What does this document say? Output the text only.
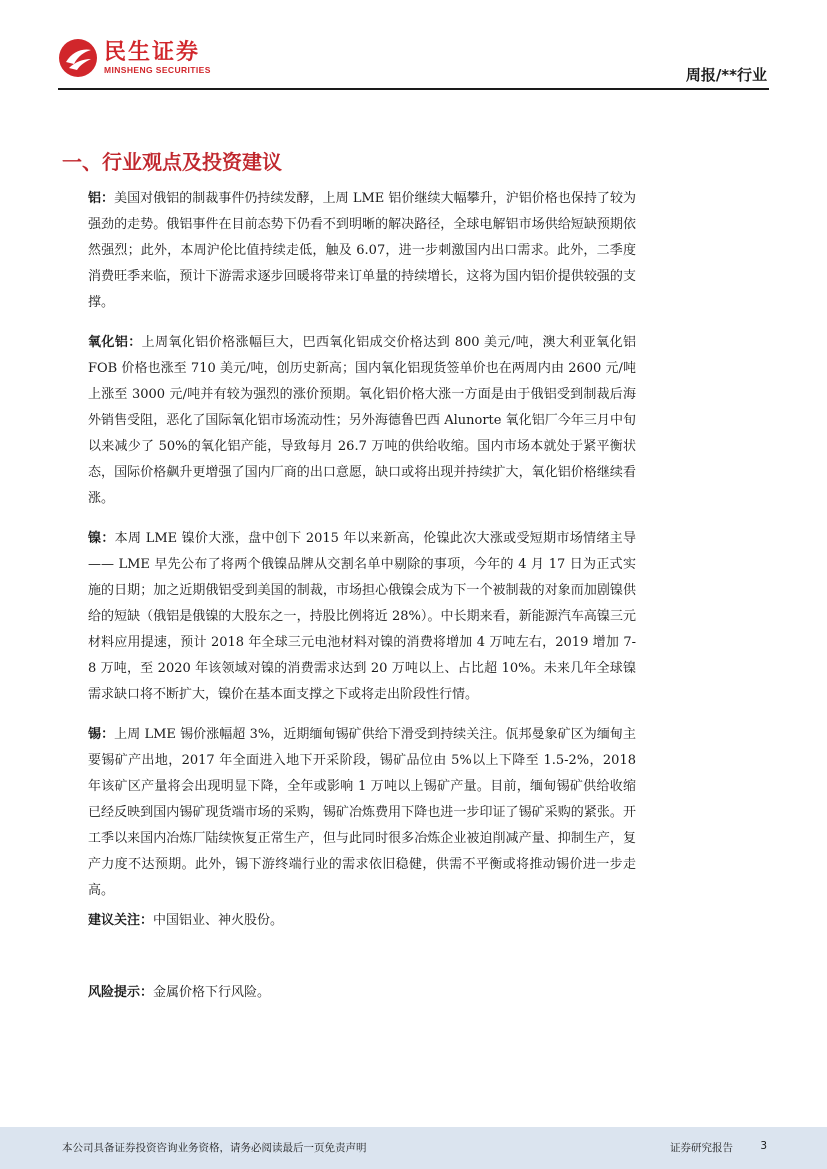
民生证券
MINSHENG SECURITIES	周报/**行业
一、行业观点及投资建议

铝：美国对俄铝的制裁事件仍持续发酵，上周 LME 铝价继续大幅攀升，沪铝价格也保持了较为强劲的走势。俄铝事件在目前态势下仍看不到明晰的解决路径，全球电解铝市场供给短缺预期依然强烈；此外，本周沪伦比值持续走低，触及 6.07，进一步刺激国内出口需求。此外，二季度消费旺季来临，预计下游需求逐步回暖将带来订单量的持续增长，这将为国内铝价提供较强的支撑。

氧化铝：上周氧化铝价格涨幅巨大，巴西氧化铝成交价格达到 800 美元/吨，澳大利亚氧化铝 FOB 价格也涨至 710 美元/吨，创历史新高；国内氧化铝现货签单价也在两周内由 2600 元/吨上涨至 3000 元/吨并有较为强烈的涨价预期。氧化铝价格大涨一方面是由于俄铝受到制裁后海外销售受阻，恶化了国际氧化铝市场流动性；另外海德鲁巴西 Alunorte 氧化铝厂今年三月中旬以来减少了 50%的氧化铝产能，导致每月 26.7 万吨的供给收缩。国内市场本就处于紧平衡状态，国际价格飙升更增强了国内厂商的出口意愿，缺口或将出现并持续扩大，氧化铝价格继续看涨。

镍：本周 LME 镍价大涨，盘中创下 2015 年以来新高，伦镍此次大涨或受短期市场情绪主导—— LME 早先公布了将两个俄镍品牌从交割名单中剔除的事项，今年的 4 月 17 日为正式实施的日期；加之近期俄铝受到美国的制裁，市场担心俄镍会成为下一个被制裁的对象而加剧镍供给的短缺（俄铝是俄镍的大股东之一，持股比例将近 28%）。中长期来看，新能源汽车高镍三元材料应用提速，预计 2018 年全球三元电池材料对镍的消费将增加 4 万吨左右，2019 增加 7-8 万吨，至 2020 年该领域对镍的消费需求达到 20 万吨以上、占比超 10%。未来几年全球镍需求缺口将不断扩大，镍价在基本面支撑之下或将走出阶段性行情。

锡：上周 LME 锡价涨幅超 3%，近期缅甸锡矿供给下滑受到持续关注。佤邦曼象矿区为缅甸主要锡矿产出地，2017 年全面进入地下开采阶段，锡矿品位由 5%以上下降至 1.5-2%，2018 年该矿区产量将会出现明显下降，全年或影响 1 万吨以上锡矿产量。目前，缅甸锡矿供给收缩已经反映到国内锡矿现货端市场的采购，锡矿冶炼费用下降也进一步印证了锡矿采购的紧张。开工季以来国内冶炼厂陆续恢复正常生产，但与此同时很多冶炼企业被迫削减产量、抑制生产，复产力度不达预期。此外，锡下游终端行业的需求依旧稳健，供需不平衡或将推动锡价进一步走高。

建议关注：中国铝业、神火股份。
风险提示：金属价格下行风险。
本公司具备证券投资咨询业务资格，请务必阅读最后一页免责声明	证券研究报告	3
